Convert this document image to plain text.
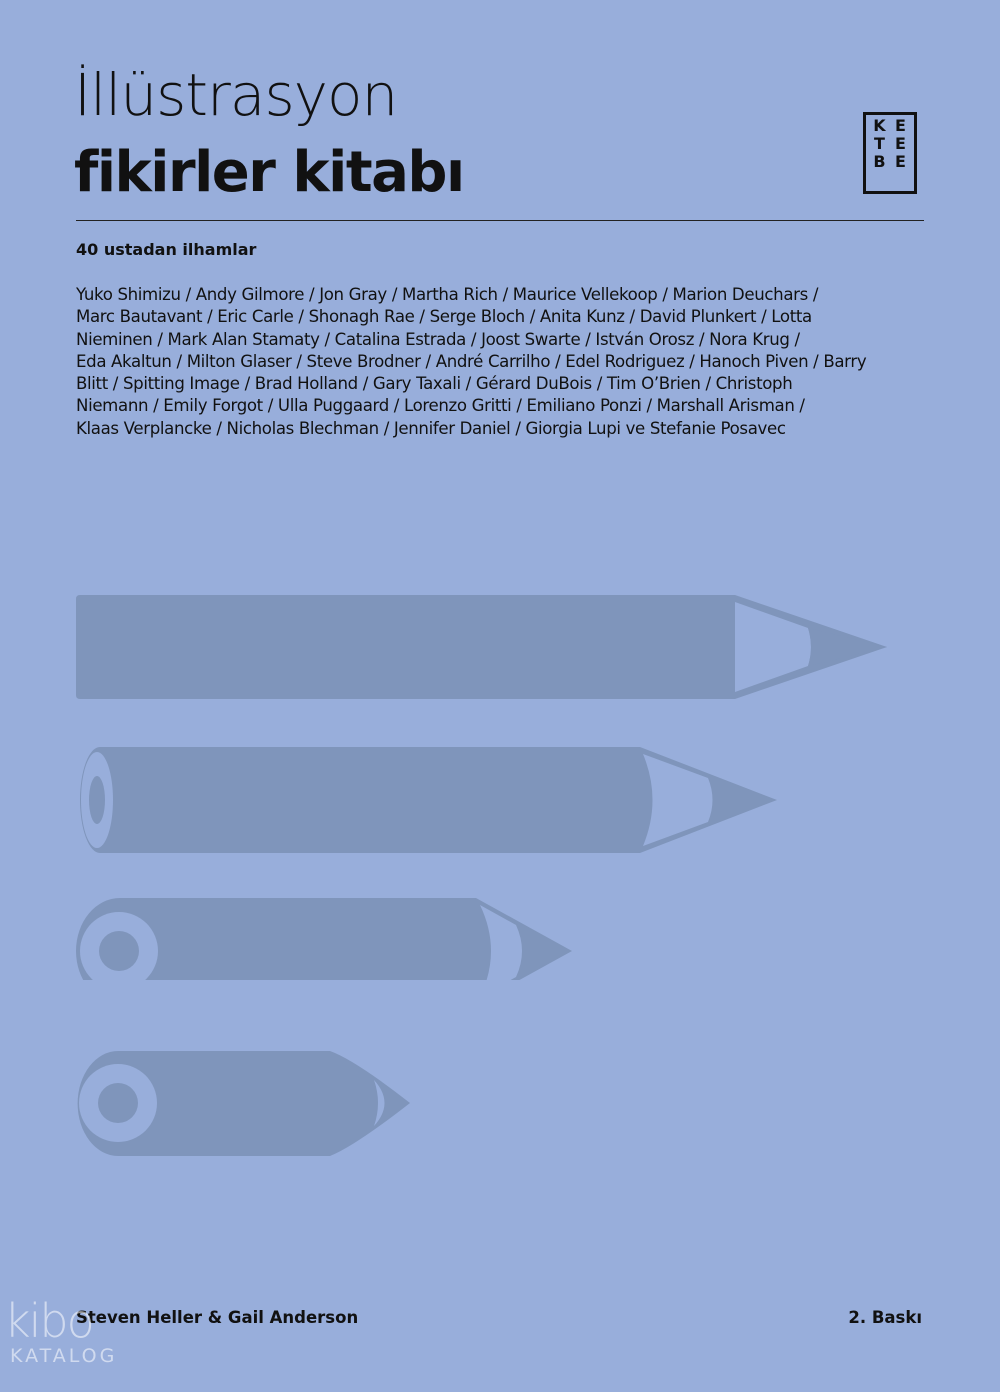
İllüstrasyon
fikirler kitabı
K E
T E
B E
40 ustadan ilhamlar
Yuko Shimizu / Andy Gilmore / Jon Gray / Martha Rich / Maurice Vellekoop / Marion Deuchars /
Marc Bautavant / Eric Carle / Shonagh Rae / Serge Bloch / Anita Kunz / David Plunkert / Lotta
Nieminen / Mark Alan Stamaty / Catalina Estrada / Joost Swarte / István Orosz / Nora Krug /
Eda Akaltun / Milton Glaser / Steve Brodner / André Carrilho / Edel Rodriguez / Hanoch Piven / Barry
Blitt / Spitting Image / Brad Holland / Gary Taxali / Gérard DuBois / Tim O’Brien / Christoph
Niemann / Emily Forgot / Ulla Puggaard / Lorenzo Gritti / Emiliano Ponzi / Marshall Arisman /
Klaas Verplancke / Nicholas Blechman / Jennifer Daniel / Giorgia Lupi ve Stefanie Posavec
Steven Heller & Gail Anderson	2. Baskı
kibo
KATALOG
